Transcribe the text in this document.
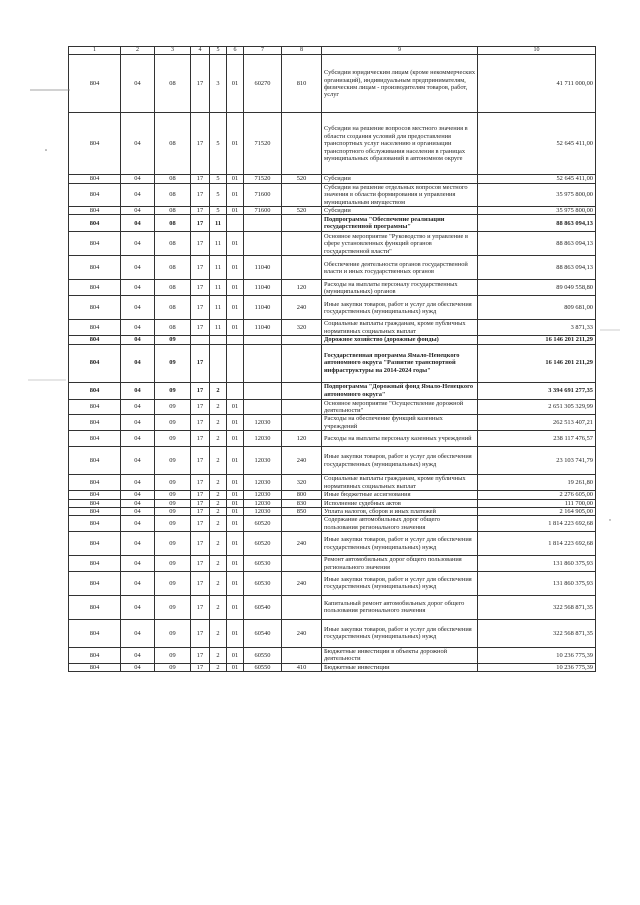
1	2	3	4	5	6	7	8	9	10
804	04	08	17	3	01	60270	810	Субсидии юридическим лицам (кроме некоммерческих организаций), индивидуальным предпринимателям, физическим лицам - производителям товаров, работ, услуг	41 711 000,00
804	04	08	17	5	01	71520		Субсидии на решение вопросов местного значения в области создания условий для предоставления транспортных услуг населению и организации транспортного обслуживания населения в границах муниципальных образований в автономном округе	52 645 411,00
804	04	08	17	5	01	71520	520	Субсидии	52 645 411,00
804	04	08	17	5	01	71600		Субсидии на решение отдельных вопросов местного значения в области формирования и управления муниципальным имуществом	35 975 800,00
804	04	08	17	5	01	71600	520	Субсидии	35 975 800,00
804	04	08	17	11				Подпрограмма "Обеспечение реализации государственной программы"	88 863 094,13
804	04	08	17	11	01			Основное мероприятие "Руководство и управление в сфере установленных функций органов государственной власти"	88 863 094,13
804	04	08	17	11	01	11040		Обеспечение деятельности органов государственной власти и иных государственных органов	88 863 094,13
804	04	08	17	11	01	11040	120	Расходы на выплаты персоналу государственных (муниципальных) органов	89 049 558,80
804	04	08	17	11	01	11040	240	Иные закупки товаров, работ и услуг для обеспечения государственных (муниципальных) нужд	809 681,00
804	04	08	17	11	01	11040	320	Социальные выплаты гражданам, кроме публичных нормативных социальных выплат	3 871,33
804	04	09						Дорожное хозяйство (дорожные фонды)	16 146 201 211,29
804	04	09	17					Государственная программа Ямало-Ненецкого автономного округа "Развитие транспортной инфраструктуры на 2014-2024 годы"	16 146 201 211,29
804	04	09	17	2				Подпрограмма "Дорожный фонд Ямало-Ненецкого автономного округа"	3 394 691 277,35
804	04	09	17	2	01			Основное мероприятие "Осуществление дорожной деятельности"	2 651 305 329,99
804	04	09	17	2	01	12030		Расходы на обеспечение функций казенных учреждений	262 513 407,21
804	04	09	17	2	01	12030	120	Расходы на выплаты персоналу казенных учреждений	238 117 476,57
804	04	09	17	2	01	12030	240	Иные закупки товаров, работ и услуг для обеспечения государственных (муниципальных) нужд	23 103 741,79
804	04	09	17	2	01	12030	320	Социальные выплаты гражданам, кроме публичных нормативных социальных выплат	19 261,80
804	04	09	17	2	01	12030	800	Иные бюджетные ассигнования	2 276 605,00
804	04	09	17	2	01	12030	830	Исполнение судебных актов	111 700,00
804	04	09	17	2	01	12030	850	Уплата налогов, сборов и иных платежей	2 164 905,00
804	04	09	17	2	01	60520		Содержание автомобильных дорог общего пользования регионального значения	1 814 223 692,68
804	04	09	17	2	01	60520	240	Иные закупки товаров, работ и услуг для обеспечения государственных (муниципальных) нужд	1 814 223 692,68
804	04	09	17	2	01	60530		Ремонт автомобильных дорог общего пользования регионального значения	131 860 375,93
804	04	09	17	2	01	60530	240	Иные закупки товаров, работ и услуг для обеспечения государственных (муниципальных) нужд	131 860 375,93
804	04	09	17	2	01	60540		Капитальный ремонт автомобильных дорог общего пользования регионального значения	322 568 871,35
804	04	09	17	2	01	60540	240	Иные закупки товаров, работ и услуг для обеспечения государственных (муниципальных) нужд	322 568 871,35
804	04	09	17	2	01	60550		Бюджетные инвестиции в объекты дорожной деятельности	10 236 775,39
804	04	09	17	2	01	60550	410	Бюджетные инвестиции	10 236 775,39
